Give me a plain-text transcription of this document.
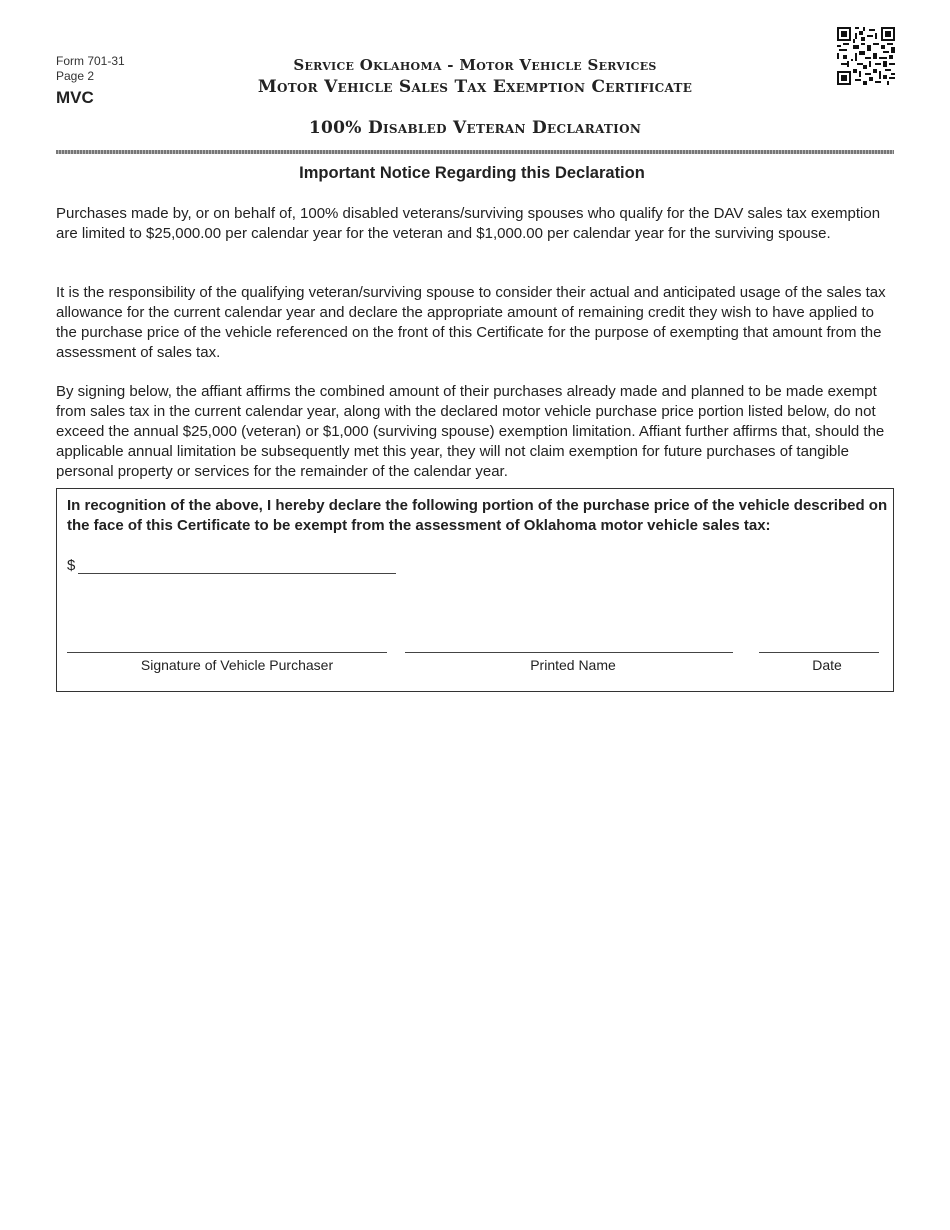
Form 701-31
Page 2
MVC
Service Oklahoma - Motor Vehicle Services
Motor Vehicle Sales Tax Exemption Certificate
100% Disabled Veteran Declaration
Important Notice Regarding this Declaration

Purchases made by, or on behalf of, 100% disabled veterans/surviving spouses who qualify for the DAV sales tax exemption are limited to $25,000.00 per calendar year for the veteran and $1,000.00 per calendar year for the surviving spouse.

It is the responsibility of the qualifying veteran/surviving spouse to consider their actual and anticipated usage of the sales tax allowance for the current calendar year and declare the appropriate amount of remaining credit they wish to have applied to the purchase price of the vehicle referenced on the front of this Certificate for the purpose of exempting that amount from the assessment of sales tax.

By signing below, the affiant affirms the combined amount of their purchases already made and planned to be made exempt from sales tax in the current calendar year, along with the declared motor vehicle purchase price portion listed below, do not exceed the annual $25,000 (veteran) or $1,000 (surviving spouse) exemption limitation. Affiant further affirms that, should the applicable annual limitation be subsequently met this year, they will not claim exemption for future purchases of tangible personal property or services for the remainder of the calendar year.

In recognition of the above, I hereby declare the following portion of the purchase price of the vehicle described on the face of this Certificate to be exempt from the assessment of Oklahoma motor vehicle sales tax:

$
Signature of Vehicle Purchaser	Printed Name	Date
